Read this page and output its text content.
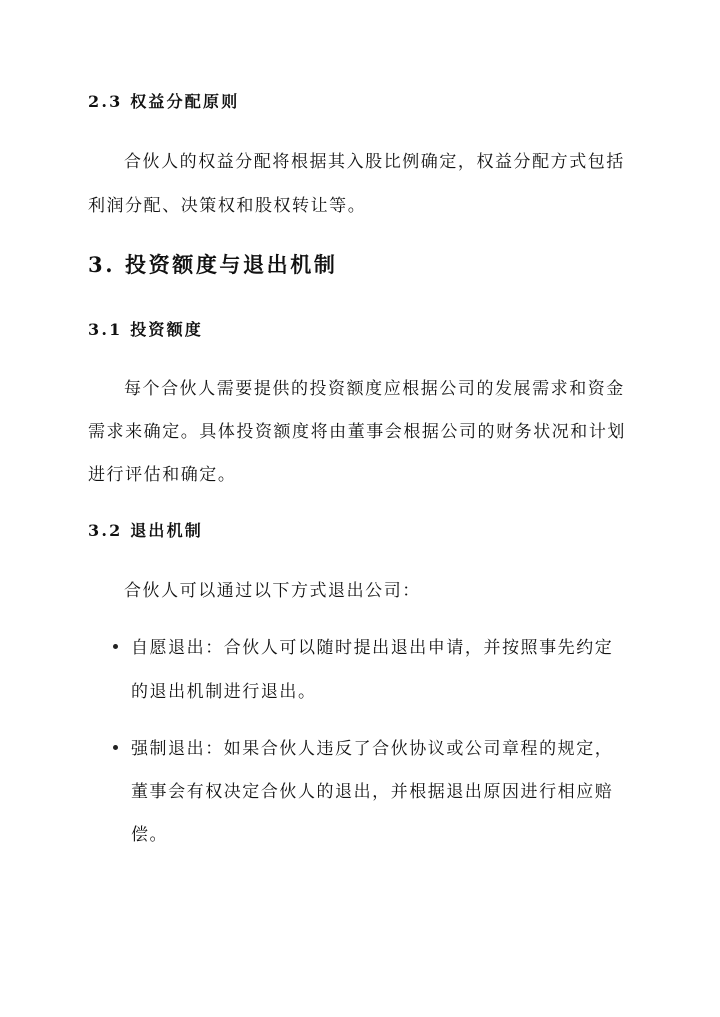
2.3 权益分配原则
合伙人的权益分配将根据其入股比例确定，权益分配方式包括
利润分配、决策权和股权转让等。
3. 投资额度与退出机制
3.1 投资额度
每个合伙人需要提供的投资额度应根据公司的发展需求和资金
需求来确定。具体投资额度将由董事会根据公司的财务状况和计划
进行评估和确定。
3.2 退出机制
合伙人可以通过以下方式退出公司：
自愿退出：合伙人可以随时提出退出申请，并按照事先约定
的退出机制进行退出。
强制退出：如果合伙人违反了合伙协议或公司章程的规定，
董事会有权决定合伙人的退出，并根据退出原因进行相应赔
偿。
